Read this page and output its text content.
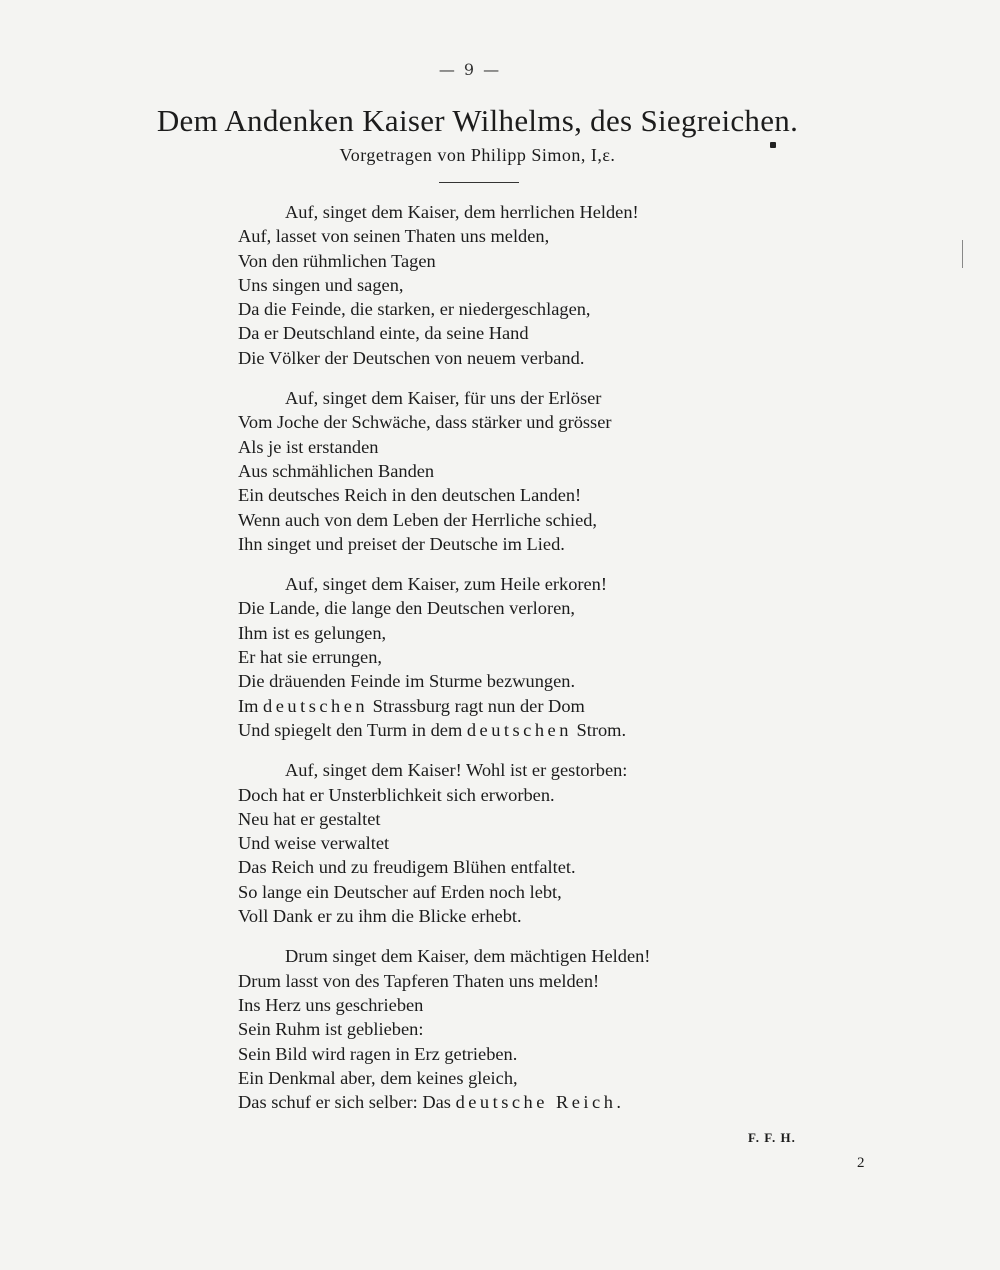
— 9 —
Dem Andenken Kaiser Wilhelms, des Siegreichen.
Vorgetragen von Philipp Simon, I,ε.
Auf, singet dem Kaiser, dem herrlichen Helden!
Auf, lasset von seinen Thaten uns melden,
Von den rühmlichen Tagen
Uns singen und sagen,
Da die Feinde, die starken, er niedergeschlagen,
Da er Deutschland einte, da seine Hand
Die Völker der Deutschen von neuem verband.
Auf, singet dem Kaiser, für uns der Erlöser
Vom Joche der Schwäche, dass stärker und grösser
Als je ist erstanden
Aus schmählichen Banden
Ein deutsches Reich in den deutschen Landen!
Wenn auch von dem Leben der Herrliche schied,
Ihn singet und preiset der Deutsche im Lied.
Auf, singet dem Kaiser, zum Heile erkoren!
Die Lande, die lange den Deutschen verloren,
Ihm ist es gelungen,
Er hat sie errungen,
Die dräuenden Feinde im Sturme bezwungen.
Im deutschen Strassburg ragt nun der Dom
Und spiegelt den Turm in dem deutschen Strom.
Auf, singet dem Kaiser! Wohl ist er gestorben:
Doch hat er Unsterblichkeit sich erworben.
Neu hat er gestaltet
Und weise verwaltet
Das Reich und zu freudigem Blühen entfaltet.
So lange ein Deutscher auf Erden noch lebt,
Voll Dank er zu ihm die Blicke erhebt.
Drum singet dem Kaiser, dem mächtigen Helden!
Drum lasst von des Tapferen Thaten uns melden!
Ins Herz uns geschrieben
Sein Ruhm ist geblieben:
Sein Bild wird ragen in Erz getrieben.
Ein Denkmal aber, dem keines gleich,
Das schuf er sich selber: Das deutsche Reich.
F. F. H.
2
